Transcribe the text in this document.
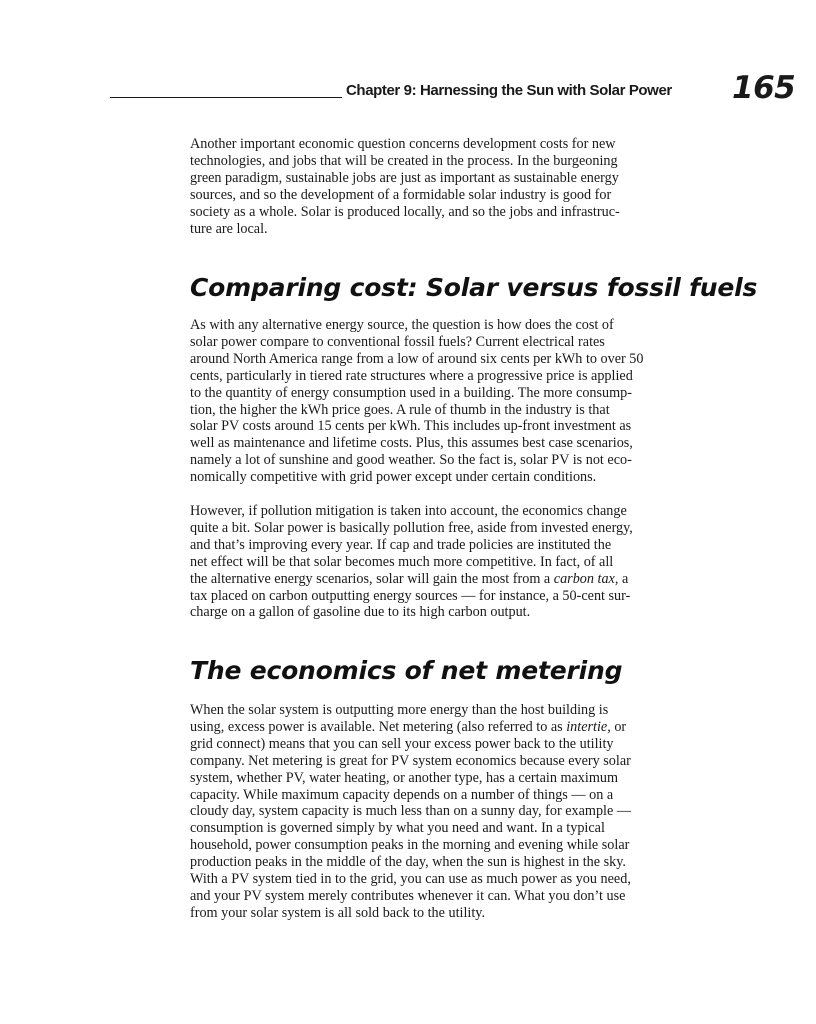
Chapter 9: Harnessing the Sun with Solar Power 165
Another important economic question concerns development costs for new
technologies, and jobs that will be created in the process. In the burgeoning
green paradigm, sustainable jobs are just as important as sustainable energy
sources, and so the development of a formidable solar industry is good for
society as a whole. Solar is produced locally, and so the jobs and infrastruc-
ture are local.
Comparing cost: Solar versus fossil fuels
As with any alternative energy source, the question is how does the cost of
solar power compare to conventional fossil fuels? Current electrical rates
around North America range from a low of around six cents per kWh to over 50
cents, particularly in tiered rate structures where a progressive price is applied
to the quantity of energy consumption used in a building. The more consump-
tion, the higher the kWh price goes. A rule of thumb in the industry is that
solar PV costs around 15 cents per kWh. This includes up-front investment as
well as maintenance and lifetime costs. Plus, this assumes best case scenarios,
namely a lot of sunshine and good weather. So the fact is, solar PV is not eco-
nomically competitive with grid power except under certain conditions.
However, if pollution mitigation is taken into account, the economics change
quite a bit. Solar power is basically pollution free, aside from invested energy,
and that’s improving every year. If cap and trade policies are instituted the
net effect will be that solar becomes much more competitive. In fact, of all
the alternative energy scenarios, solar will gain the most from a carbon tax, a
tax placed on carbon outputting energy sources — for instance, a 50-cent sur-
charge on a gallon of gasoline due to its high carbon output.
The economics of net metering
When the solar system is outputting more energy than the host building is
using, excess power is available. Net metering (also referred to as intertie, or
grid connect) means that you can sell your excess power back to the utility
company. Net metering is great for PV system economics because every solar
system, whether PV, water heating, or another type, has a certain maximum
capacity. While maximum capacity depends on a number of things — on a
cloudy day, system capacity is much less than on a sunny day, for example —
consumption is governed simply by what you need and want. In a typical
household, power consumption peaks in the morning and evening while solar
production peaks in the middle of the day, when the sun is highest in the sky.
With a PV system tied in to the grid, you can use as much power as you need,
and your PV system merely contributes whenever it can. What you don’t use
from your solar system is all sold back to the utility.
